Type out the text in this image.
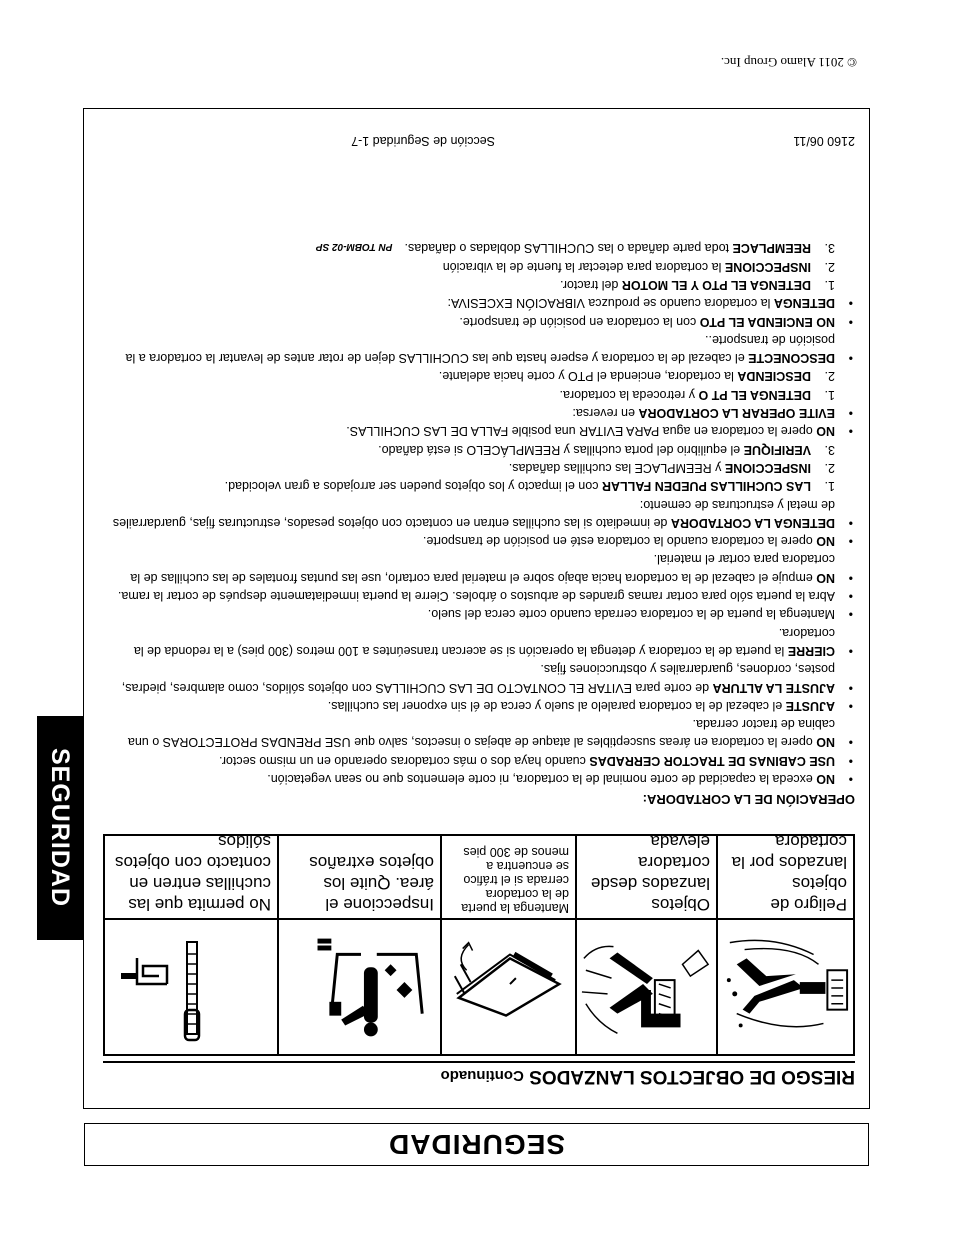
SEGURIDAD
RIESGO DE OBJECTOS LANZADOS Continuado
Peligro de objetos lanzados por la cortadora
Objetos lanzados desde cortadora elevada
Mantenga la puerta de la cortadora cerrada si el tráfico se encuentra a menos de 300 pies
Inspeccione el área. Quite los objetos extraños
No permita que las cuchillas entren en contacto con objetos sólidos
OPERACIÓN DE LA CORTADORA:
• NO exceda la capacidad de corte nominal de la cortadora, ni corte elementos que no sean vegetación.
• USE CABINAS DE TRACTOR CERRADAS cuando haya dos o más cortadoras operando en un mismo sector.
• NO opere la cortadora en áreas susceptibles al ataque de abejas o insectos, salvo que USE PRENDAS PROTECTORAS o una cabina de tractor cerrada.
• AJUSTE el cabezal de la cortadora paralelo al suelo y cerca de él sin exponer las cuchillas.
• AJUSTE LA ALTURA de corte para EVITAR EL CONTACTO DE LAS CUCHILLAS con objetos sólidos, como alambres, piedras, postes, cordones, guardarrailes y obstrucciones fijas.
• CIERRE la puerta de la cortadora y detenga la operación si se acercan transeúntes a 100 metros (300 pies) a la redonda de la cortadora.
• Mantenga la puerta de la cortadora cerrada cuando corte cerca del suelo.
• Abra la puerta sólo para cortar ramas grandes de arbustos o árboles. Cierre la puerta inmediatamente después de cortar la rama.
• NO empuje el cabezal de la cortadora hacia abajo sobre el material para cortarlo, use las puntas frontales de las cuchillas de la cortadora para cortar el material.
• NO opere la cortadora cuando la cortadora esté en posición de transporte.
• DETENGA LA CORTADORA de inmediato si las cuchillas entran en contacto con objetos pesados, estructuras fijas, guardarrailes de metal y estructuras de cemento:
1.
LAS CUCHILLAS PUEDEN FALLAR con el impacto y los objetos pueden ser arrojados a gran velocidad.
2.
INSPECCIONE y REEMPLACE las cuchillas dañadas.
3.
VERIFIQUE el equilibrio del porta cuchillas y REEMPLÁCELO si está dañado.
• NO opere la cortadora en agua PARA EVITAR una posible FALLA DE LAS CUCHILLAS.
• EVITE OPERAR LA CORTADORA en reversa:
1.
DETENGA EL PT O y retroceda la cortadora.
2.
DESCIENDA la cortadora, encienda el PTO y corte hacia adelante.
• DESCONECTE el cabezal de la cortadora y espere hasta que las CUCHILLAS dejen de rotar antes de levantar la cortadora a la posición de transporte..
• NO ENCIENDA EL PTO con la cortadora en posición de transporte.
• DETENGA la cortadora cuando se produzca VIBRACIÓN EXCESIVA:
1.
DETENGA EL PTO Y EL MOTOR del tractor.
2.
INSPECCIONE la cortadora para detectar la fuente de la vibración
3.
REEMPLACE toda parte dañada o las CUCHILLAS dobladas o dañadas.PN TOBM-02 SP
2160 06/11
Sección de Seguridad 1-7
© 2011 Alamo Group Inc.
SEGURIDAD
